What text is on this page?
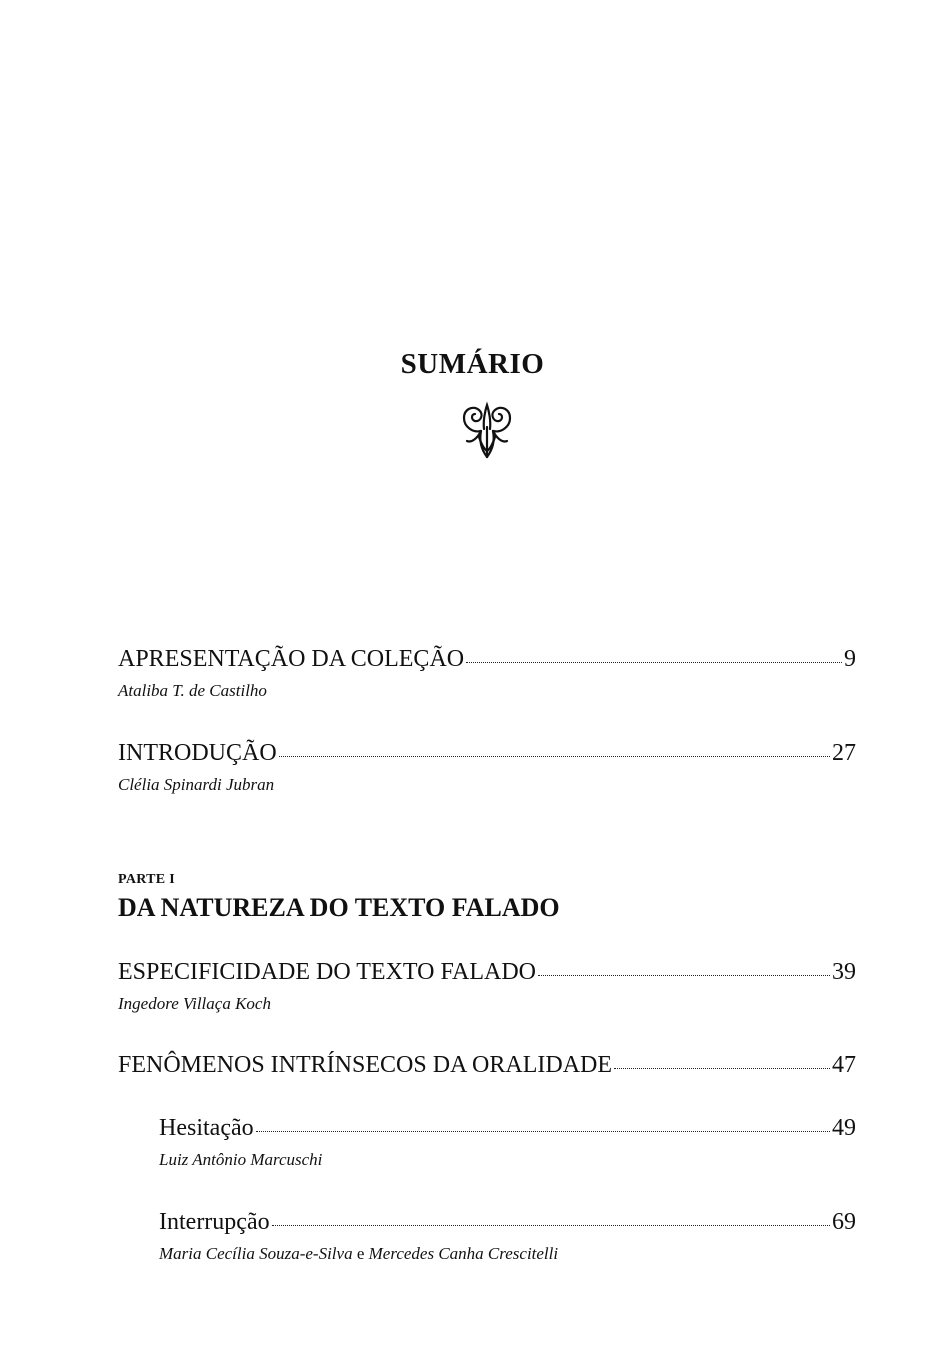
SUMÁRIO
APRESENTAÇÃO DA COLEÇÃO	9
Ataliba T. de Castilho
INTRODUÇÃO	27
Clélia Spinardi Jubran
PARTE I
DA NATUREZA DO TEXTO FALADO
ESPECIFICIDADE DO TEXTO FALADO	39
Ingedore Villaça Koch
FENÔMENOS INTRÍNSECOS DA ORALIDADE	47
Hesitação	49
Luiz Antônio Marcuschi
Interrupção	69
Maria Cecília Souza-e-Silva e Mercedes Canha Crescitelli
